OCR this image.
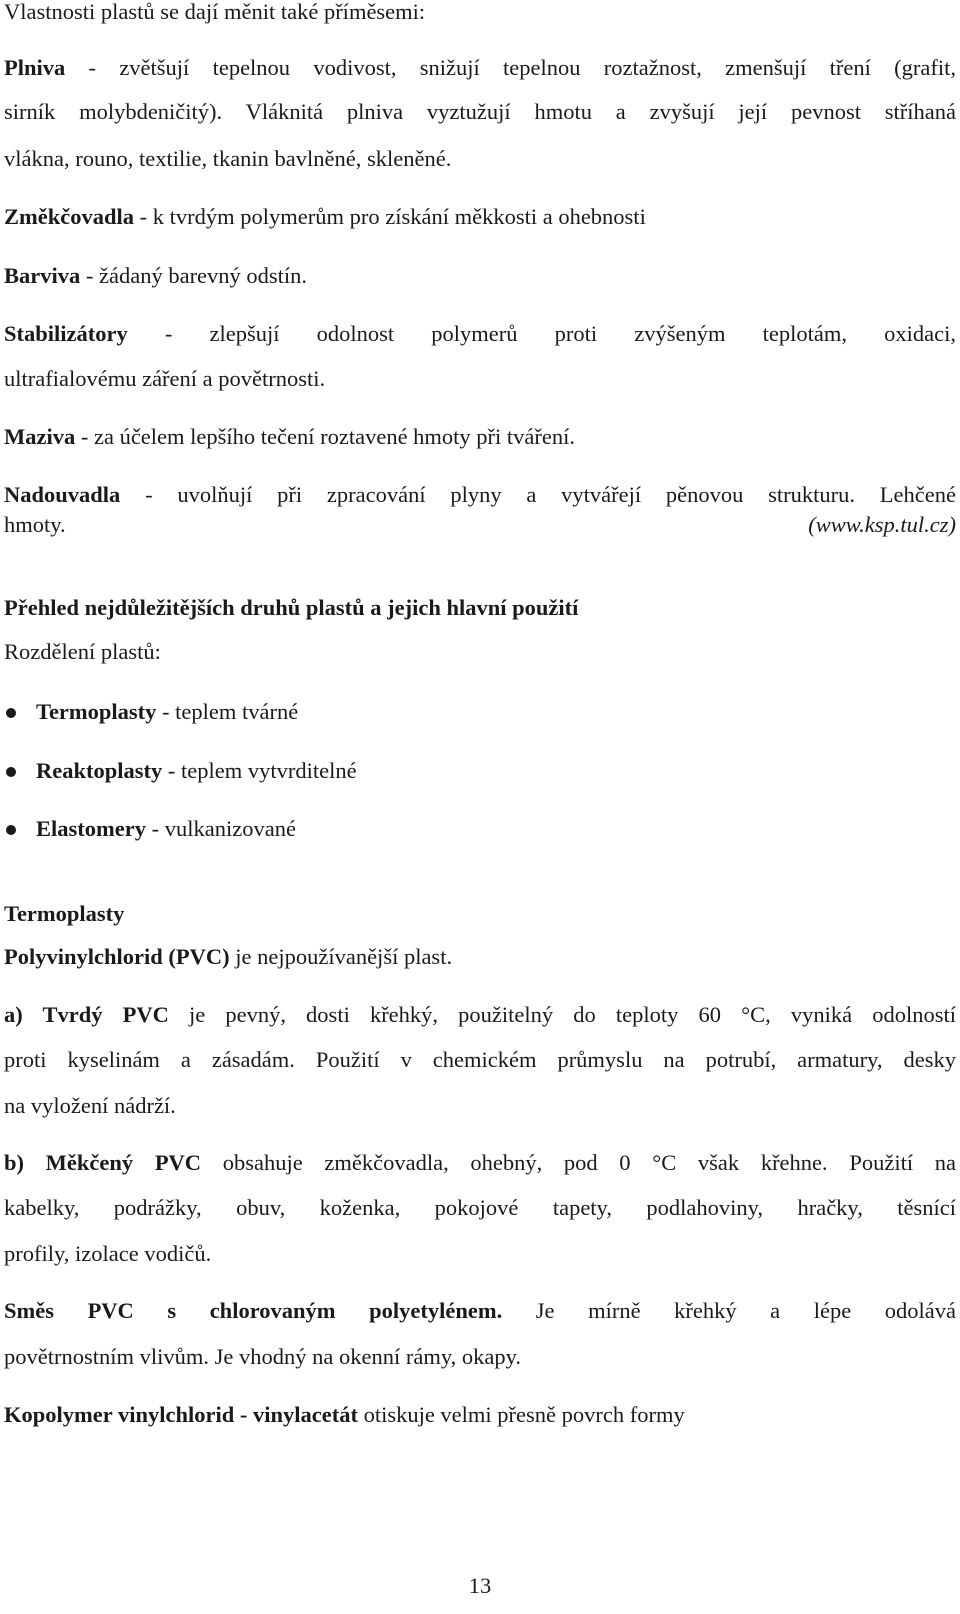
Vlastnosti plastů se dají měnit také příměsemi:
Plniva - zvětšují tepelnou vodivost, snižují tepelnou roztažnost, zmenšují tření (grafit,
sirník molybdeničitý). Vláknitá plniva vyztužují hmotu a zvyšují její pevnost stříhaná
vlákna, rouno, textilie, tkanin bavlněné, skleněné.
Změkčovadla - k tvrdým polymerům pro získání měkkosti a ohebnosti
Barviva - žádaný barevný odstín.
Stabilizátory - zlepšují odolnost polymerů proti zvýšeným teplotám, oxidaci,
ultrafialovému záření a povětrnosti.
Maziva - za účelem lepšího tečení roztavené hmoty při tváření.
Nadouvadla - uvolňují při zpracování plyny a vytvářejí pěnovou strukturu. Lehčené
hmoty.	(www.ksp.tul.cz)
Přehled nejdůležitějších druhů plastů a jejich hlavní použití
Rozdělení plastů:
Termoplasty - teplem tvárné
Reaktoplasty - teplem vytvrditelné
Elastomery - vulkanizované
Termoplasty
Polyvinylchlorid (PVC) je nejpoužívanější plast.
a) Tvrdý PVC je pevný, dosti křehký, použitelný do teploty 60 °C, vyniká odolností
proti kyselinám a zásadám. Použití v chemickém průmyslu na potrubí, armatury, desky
na vyložení nádrží.
b) Měkčený PVC obsahuje změkčovadla, ohebný, pod 0 °C však křehne. Použití na
kabelky, podrážky, obuv, koženka, pokojové tapety, podlahoviny, hračky, těsnící
profily, izolace vodičů.
Směs PVC s chlorovaným polyetylénem. Je mírně křehký a lépe odolává
povětrnostním vlivům. Je vhodný na okenní rámy, okapy.
Kopolymer vinylchlorid - vinylacetát otiskuje velmi přesně povrch formy
13
